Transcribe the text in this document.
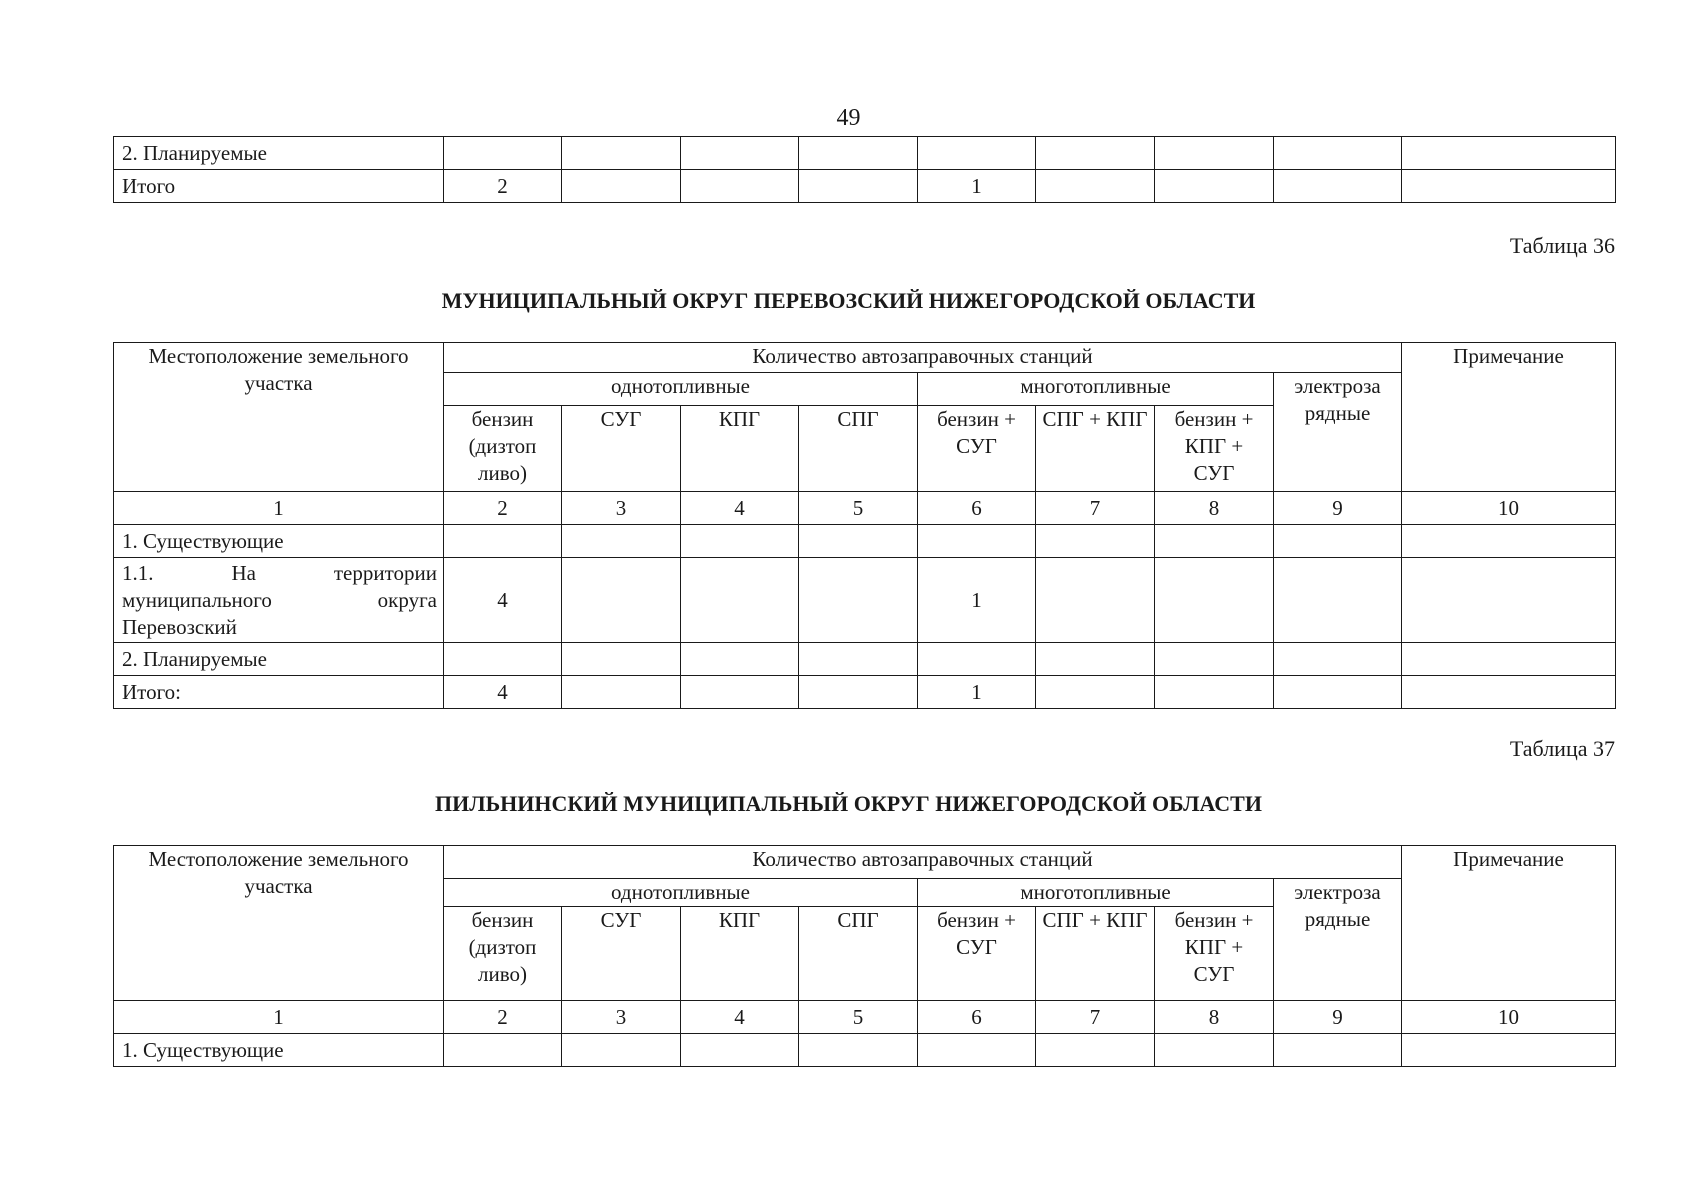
49
2. Планируемые									
Итого	2				1				
Таблица 36
МУНИЦИПАЛЬНЫЙ ОКРУГ ПЕРЕВОЗСКИЙ НИЖЕГОРОДСКОЙ ОБЛАСТИ
Местоположение земельного участка	Количество автозаправочных станций								Примечание
	однотопливные				многотопливные			электроза рядные	
	бензин (дизтоп ливо)	СУГ	КПГ	СПГ	бензин + СУГ	СПГ + КПГ	бензин +
КПГ +
СУГ		

1	2	3	4	5	6	7	8	9	10
1. Существующие									

1.1. На территории
муниципального округа
Перевозский	4				1				
2. Планируемые									
Итого:	4				1				
Таблица 37
ПИЛЬНИНСКИЙ МУНИЦИПАЛЬНЫЙ ОКРУГ НИЖЕГОРОДСКОЙ ОБЛАСТИ
Местоположение земельного участка	Количество автозаправочных станций								Примечание
	однотопливные				многотопливные			электроза рядные	
	бензин (дизтоп ливо)	СУГ	КПГ	СПГ	бензин + СУГ	СПГ + КПГ	бензин +
КПГ +
СУГ		

1	2	3	4	5	6	7	8	9	10
1. Существующие									
